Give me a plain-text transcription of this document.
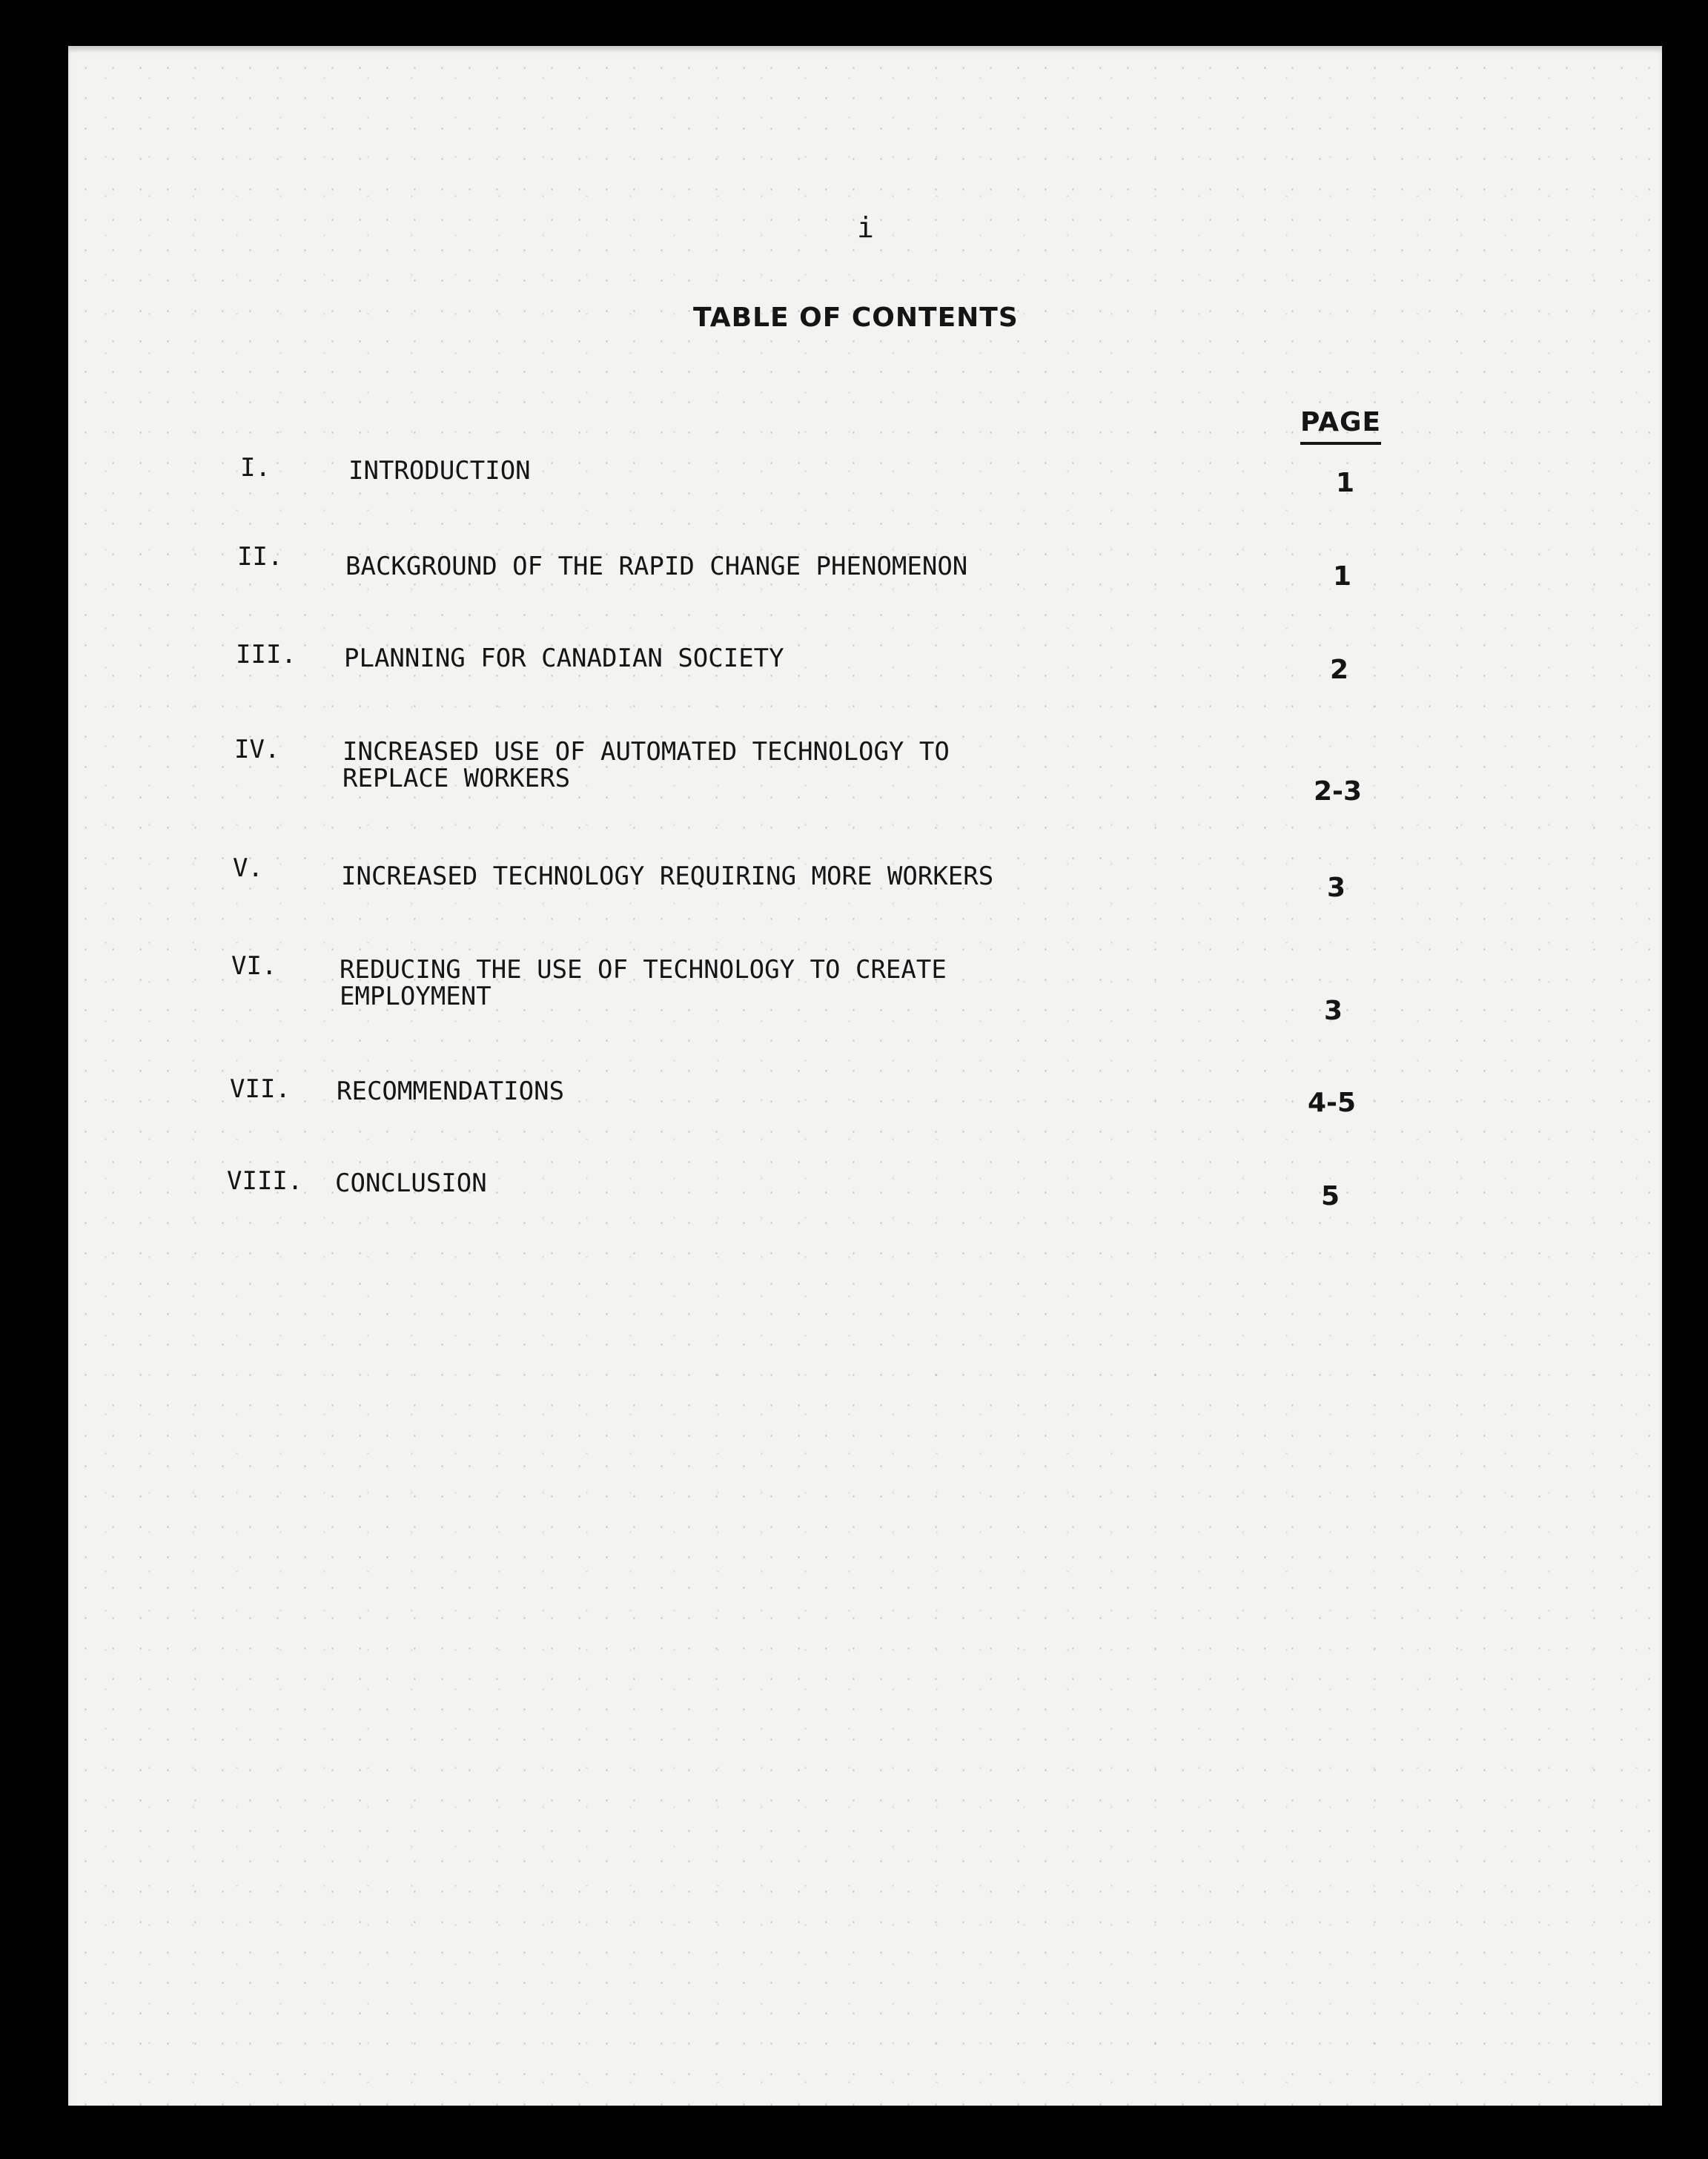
i
TABLE OF CONTENTS
PAGE
I.	INTRODUCTION	1
II. BACKGROUND OF THE RAPID CHANGE PHENOMENON	1
III. PLANNING FOR CANADIAN SOCIETY	2
IV. INCREASED USE OF AUTOMATED TECHNOLOGY TO
REPLACE WORKERS	2-3
V.	INCREASED TECHNOLOGY REQUIRING MORE WORKERS	3
VI. REDUCING THE USE OF TECHNOLOGY TO CREATE
EMPLOYMENT	3
VII. RECOMMENDATIONS	4-5
VIII. CONCLUSION	5
